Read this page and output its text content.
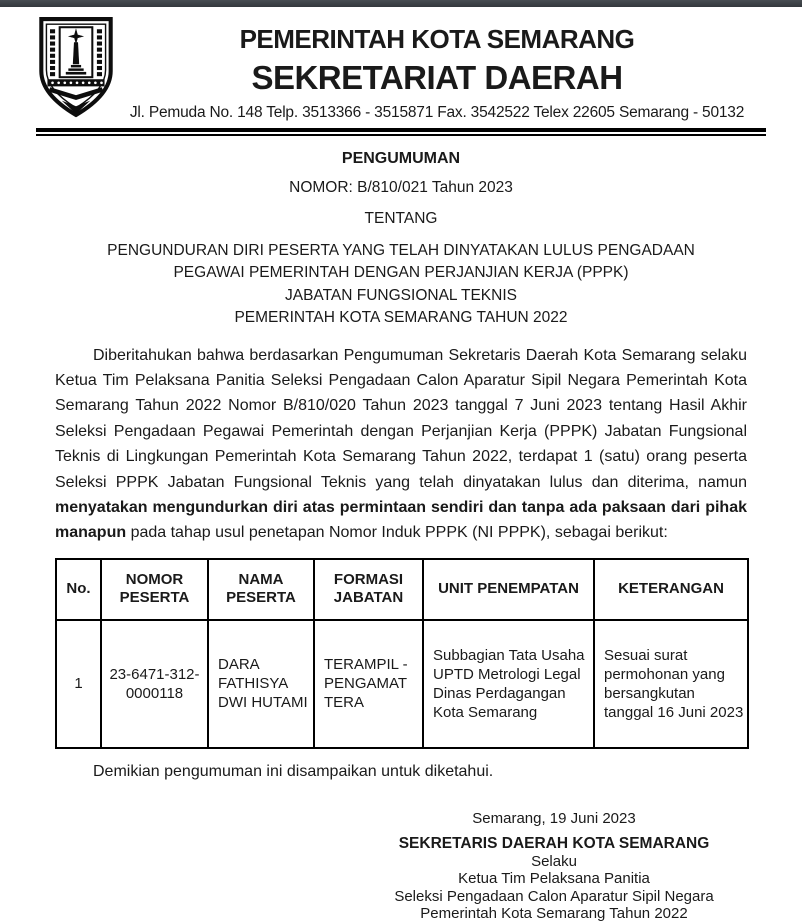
PEMERINTAH KOTA SEMARANG
SEKRETARIAT DAERAH
Jl. Pemuda No. 148 Telp. 3513366 - 3515871 Fax. 3542522 Telex 22605 Semarang - 50132
PENGUMUMAN
NOMOR: B/810/021 Tahun 2023
TENTANG
PENGUNDURAN DIRI PESERTA YANG TELAH DINYATAKAN LULUS PENGADAAN
PEGAWAI PEMERINTAH DENGAN PERJANJIAN KERJA (PPPK)
JABATAN FUNGSIONAL TEKNIS
PEMERINTAH KOTA SEMARANG TAHUN 2022

Diberitahukan bahwa berdasarkan Pengumuman Sekretaris Daerah Kota Semarang selaku Ketua Tim Pelaksana Panitia Seleksi Pengadaan Calon Aparatur Sipil Negara Pemerintah Kota Semarang Tahun 2022 Nomor B/810/020 Tahun 2023 tanggal 7 Juni 2023 tentang Hasil Akhir Seleksi Pengadaan Pegawai Pemerintah dengan Perjanjian Kerja (PPPK) Jabatan Fungsional Teknis di Lingkungan Pemerintah Kota Semarang Tahun 2022, terdapat 1 (satu) orang peserta Seleksi PPPK Jabatan Fungsional Teknis yang telah dinyatakan lulus dan diterima, namun menyatakan mengundurkan diri atas permintaan sendiri dan tanpa ada paksaan dari pihak manapun pada tahap usul penetapan Nomor Induk PPPK (NI PPPK), sebagai berikut:

No.	NOMOR PESERTA	NAMA PESERTA	FORMASI JABATAN	UNIT PENEMPATAN	KETERANGAN
1	23-6471-312-0000118	DARA FATHISYA DWI HUTAMI	TERAMPIL - PENGAMAT TERA	Subbagian Tata Usaha UPTD Metrologi Legal Dinas Perdagangan Kota Semarang	Sesuai surat permohonan yang bersangkutan tanggal 16 Juni 2023

Demikian pengumuman ini disampaikan untuk diketahui.

Semarang, 19 Juni 2023
SEKRETARIS DAERAH KOTA SEMARANG
Selaku
Ketua Tim Pelaksana Panitia
Seleksi Pengadaan Calon Aparatur Sipil Negara
Pemerintah Kota Semarang Tahun 2022
